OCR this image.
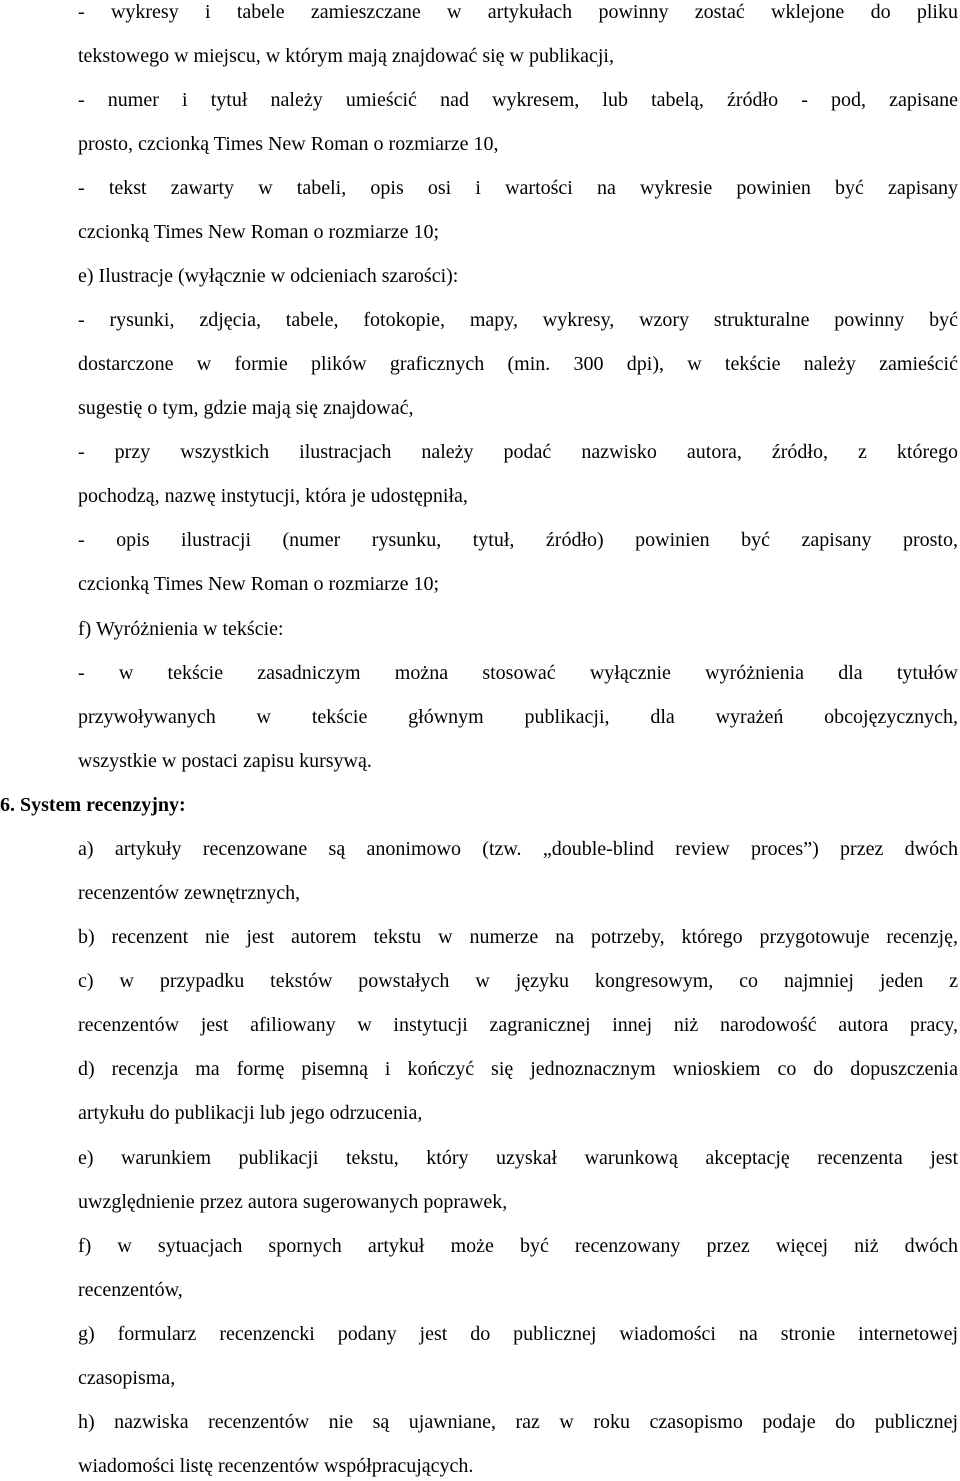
- wykresy i tabele zamieszczane w artykułach powinny zostać wklejone do pliku
tekstowego w miejscu, w którym mają znajdować się w publikacji,
- numer i tytuł należy umieścić nad wykresem, lub tabelą, źródło - pod, zapisane
prosto, czcionką Times New Roman o rozmiarze 10,
- tekst zawarty w tabeli, opis osi i wartości na wykresie powinien być zapisany
czcionką Times New Roman o rozmiarze 10;
e) Ilustracje (wyłącznie w odcieniach szarości):
- rysunki, zdjęcia, tabele, fotokopie, mapy, wykresy, wzory strukturalne powinny być
dostarczone w formie plików graficznych (min. 300 dpi), w tekście należy zamieścić
sugestię o tym, gdzie mają się znajdować,
- przy wszystkich ilustracjach należy podać nazwisko autora, źródło, z którego
pochodzą, nazwę instytucji, która je udostępniła,
- opis ilustracji (numer rysunku, tytuł, źródło) powinien być zapisany prosto,
czcionką Times New Roman o rozmiarze 10;
f) Wyróżnienia w tekście:
- w tekście zasadniczym można stosować wyłącznie wyróżnienia dla tytułów
przywoływanych w tekście głównym publikacji, dla wyrażeń obcojęzycznych,
wszystkie w postaci zapisu kursywą.
6. System recenzyjny:
a) artykuły recenzowane są anonimowo (tzw. „double-blind review proces”) przez dwóch
recenzentów zewnętrznych,
b) recenzent nie jest autorem tekstu w numerze na potrzeby, którego przygotowuje recenzję,
c) w przypadku tekstów powstałych w języku kongresowym, co najmniej jeden z
recenzentów jest afiliowany w instytucji zagranicznej innej niż narodowość autora pracy,
d) recenzja ma formę pisemną i kończyć się jednoznacznym wnioskiem co do dopuszczenia
artykułu do publikacji lub jego odrzucenia,
e) warunkiem publikacji tekstu, który uzyskał warunkową akceptację recenzenta jest
uwzględnienie przez autora sugerowanych poprawek,
f) w sytuacjach spornych artykuł może być recenzowany przez więcej niż dwóch
recenzentów,
g) formularz recenzencki podany jest do publicznej wiadomości na stronie internetowej
czasopisma,
h) nazwiska recenzentów nie są ujawniane, raz w roku czasopismo podaje do publicznej
wiadomości listę recenzentów współpracujących.
